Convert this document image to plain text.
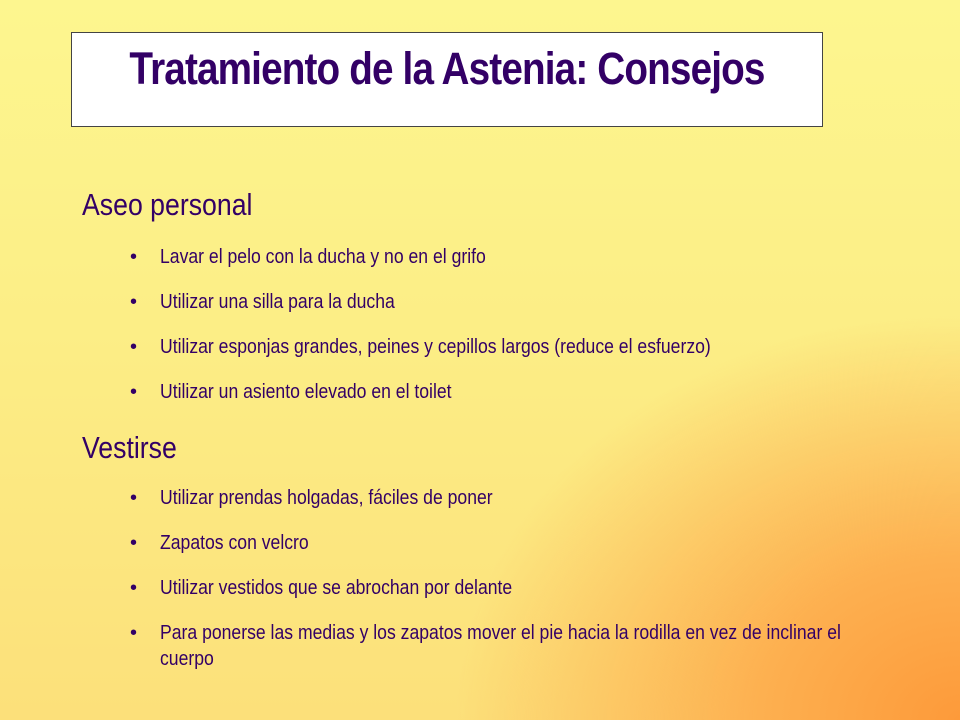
Tratamiento de la Astenia: Consejos
Aseo personal
• Lavar el pelo con la ducha y no en el grifo
• Utilizar una silla para la ducha
• Utilizar esponjas grandes, peines y cepillos largos (reduce el esfuerzo)
• Utilizar un asiento elevado en el toilet
Vestirse
• Utilizar prendas holgadas, fáciles de poner
• Zapatos con velcro
• Utilizar vestidos que se abrochan por delante
• Para ponerse las medias y los zapatos mover el pie hacia la rodilla en vez de inclinar el cuerpo
